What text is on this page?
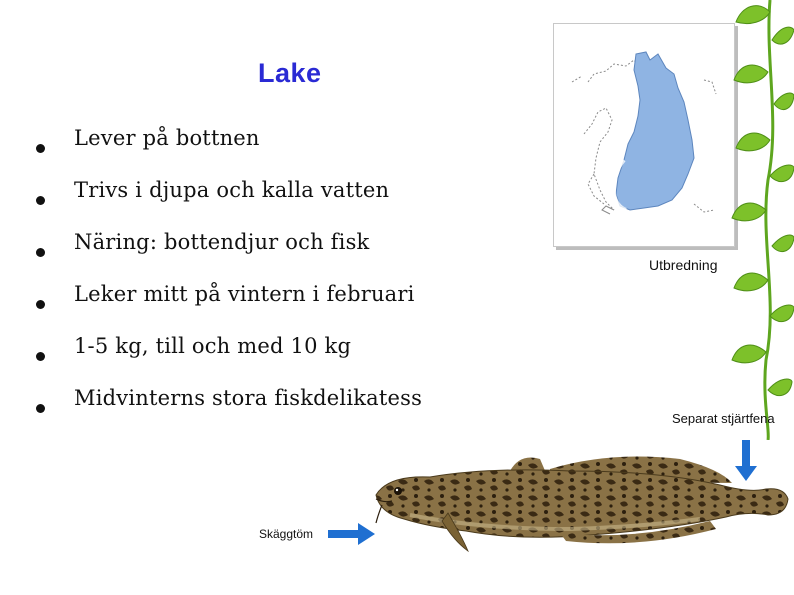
Lake
Lever på bottnen
Trivs i djupa och kalla vatten
Näring: bottendjur och fisk
Leker mitt på vintern i februari
1-5 kg, till och med 10 kg
Midvinterns stora fiskdelikatess
Utbredning
Separat stjärtfena
Skäggtöm
